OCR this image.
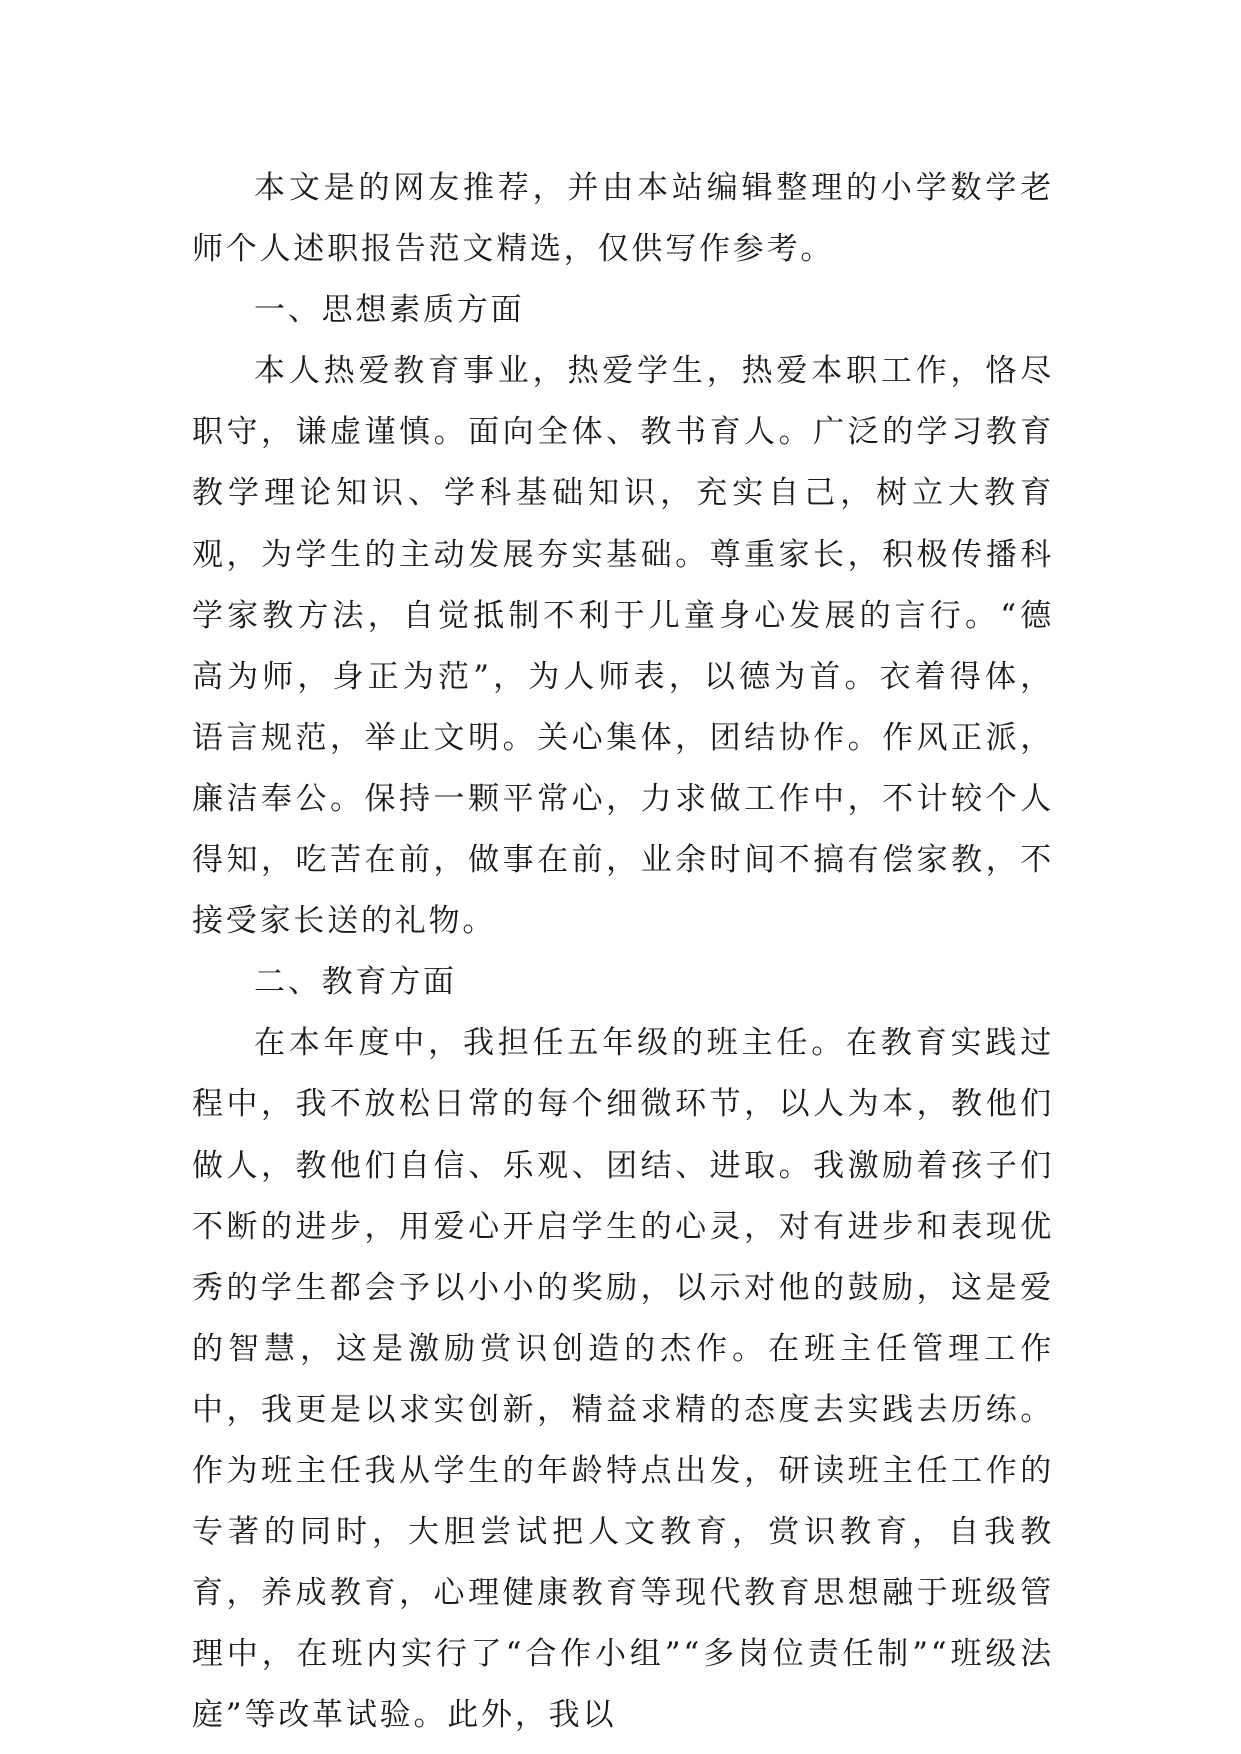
本文是的网友推荐，并由本站编辑整理的小学数学老师个人述职报告范文精选，仅供写作参考。

一、思想素质方面

本人热爱教育事业，热爱学生，热爱本职工作，恪尽职守，谦虚谨慎。面向全体、教书育人。广泛的学习教育教学理论知识、学科基础知识，充实自己，树立大教育观，为学生的主动发展夯实基础。尊重家长，积极传播科学家教方法，自觉抵制不利于儿童身心发展的言行。“德高为师，身正为范”，为人师表，以德为首。衣着得体，语言规范，举止文明。关心集体，团结协作。作风正派，廉洁奉公。保持一颗平常心，力求做工作中，不计较个人得知，吃苦在前，做事在前，业余时间不搞有偿家教，不接受家长送的礼物。

二、教育方面

在本年度中，我担任五年级的班主任。在教育实践过程中，我不放松日常的每个细微环节，以人为本，教他们做人，教他们自信、乐观、团结、进取。我激励着孩子们不断的进步，用爱心开启学生的心灵，对有进步和表现优秀的学生都会予以小小的奖励，以示对他的鼓励，这是爱的智慧，这是激励赏识创造的杰作。在班主任管理工作中，我更是以求实创新，精益求精的态度去实践去历练。作为班主任我从学生的年龄特点出发，研读班主任工作的专著的同时，大胆尝试把人文教育，赏识教育，自我教育，养成教育，心理健康教育等现代教育思想融于班级管理中，在班内实行了“合作小组”“多岗位责任制”“班级法庭”等改革试验。此外，我以
